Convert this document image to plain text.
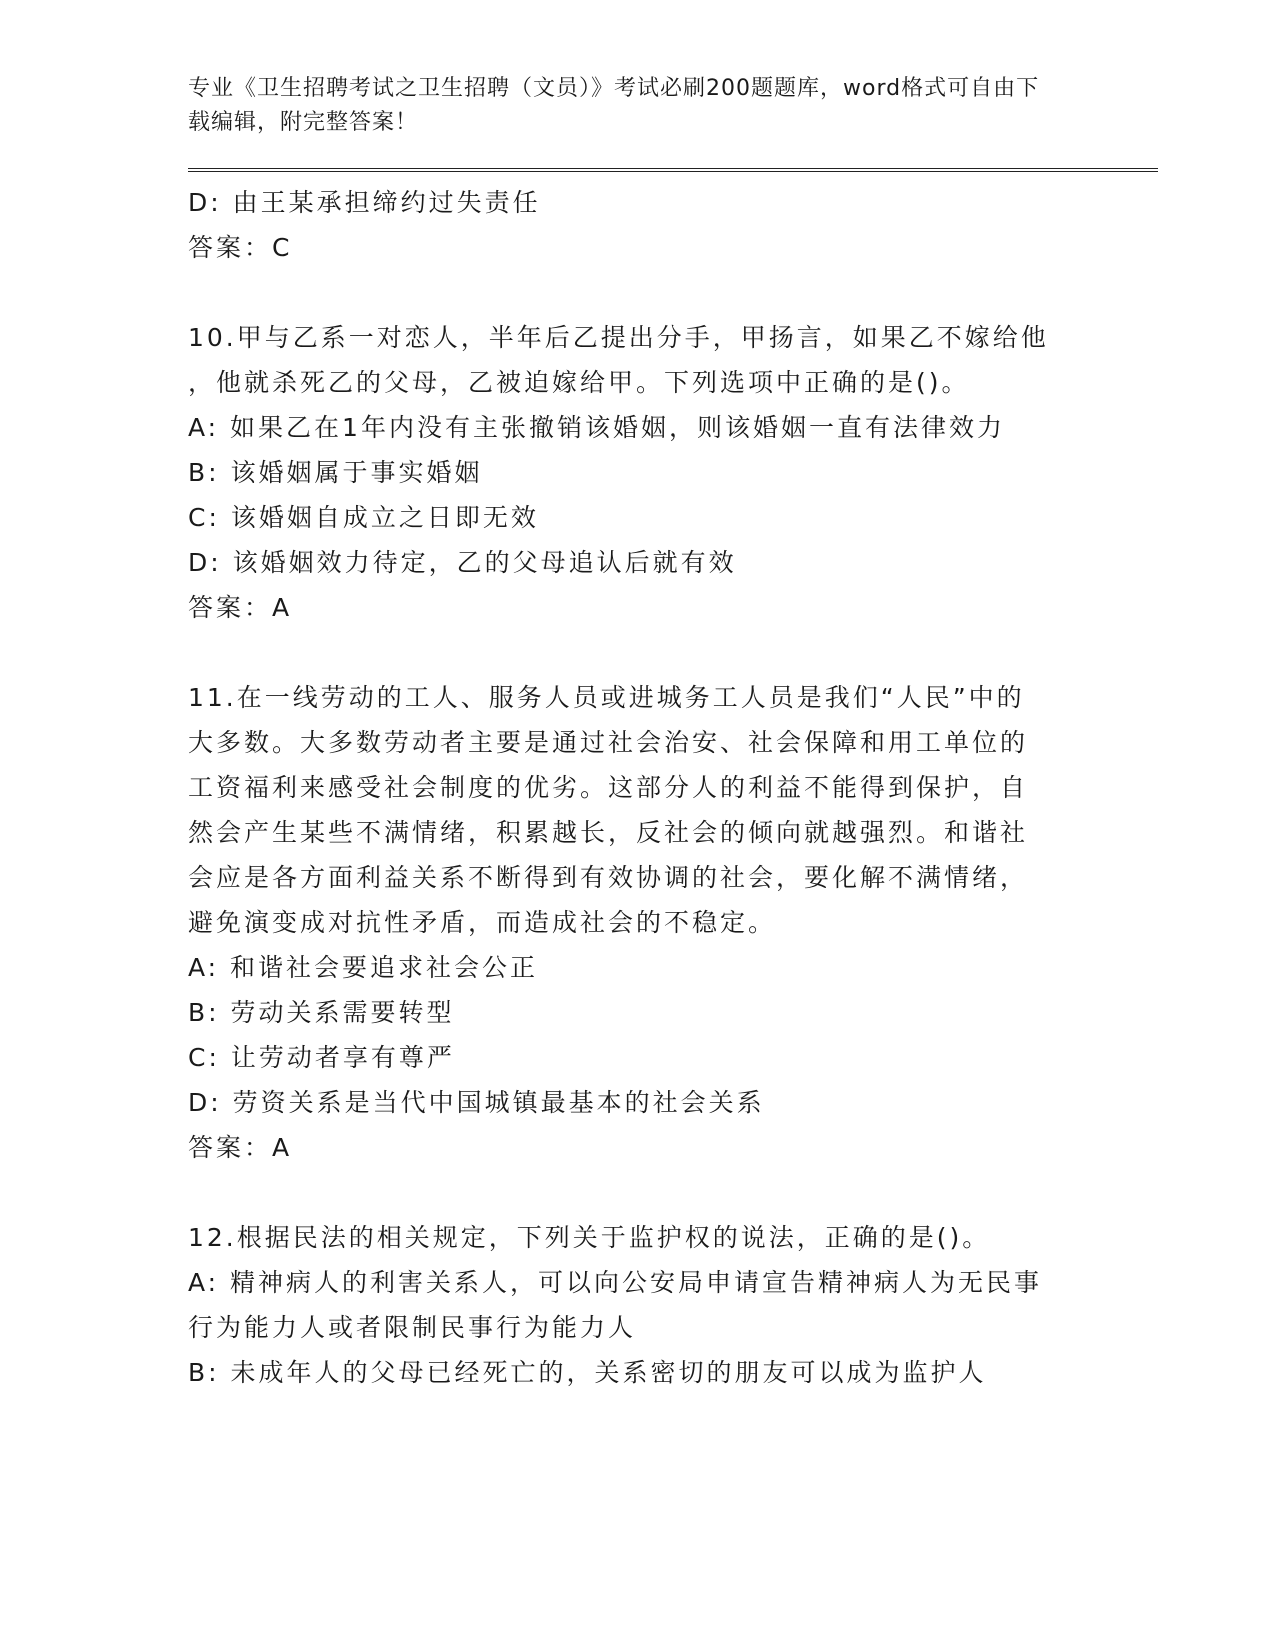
专业《卫生招聘考试之卫生招聘（文员）》考试必刷200题题库，word格式可自由下载编辑，附完整答案！
D: 由王某承担缔约过失责任
答案：C
10.甲与乙系一对恋人，半年后乙提出分手，甲扬言，如果乙不嫁给他
，他就杀死乙的父母，乙被迫嫁给甲。下列选项中正确的是()。
A: 如果乙在1年内没有主张撤销该婚姻，则该婚姻一直有法律效力
B: 该婚姻属于事实婚姻
C: 该婚姻自成立之日即无效
D: 该婚姻效力待定，乙的父母追认后就有效
答案：A
11.在一线劳动的工人、服务人员或进城务工人员是我们“人民”中的
大多数。大多数劳动者主要是通过社会治安、社会保障和用工单位的
工资福利来感受社会制度的优劣。这部分人的利益不能得到保护，自
然会产生某些不满情绪，积累越长，反社会的倾向就越强烈。和谐社
会应是各方面利益关系不断得到有效协调的社会，要化解不满情绪，
避免演变成对抗性矛盾，而造成社会的不稳定。
A: 和谐社会要追求社会公正
B: 劳动关系需要转型
C: 让劳动者享有尊严
D: 劳资关系是当代中国城镇最基本的社会关系
答案：A
12.根据民法的相关规定，下列关于监护权的说法，正确的是()。
A: 精神病人的利害关系人，可以向公安局申请宣告精神病人为无民事
行为能力人或者限制民事行为能力人
B: 未成年人的父母已经死亡的，关系密切的朋友可以成为监护人
